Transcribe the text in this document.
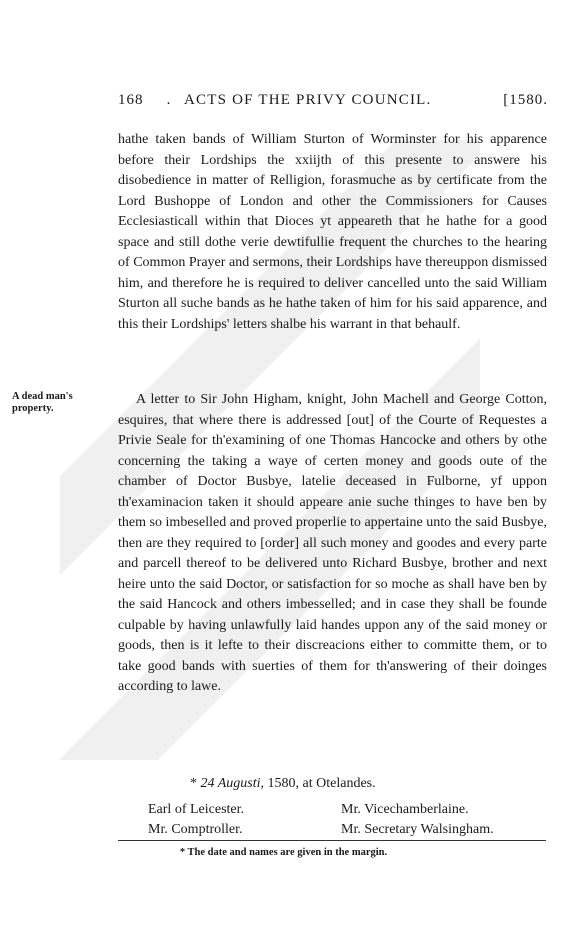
168	. ACTS OF THE PRIVY COUNCIL.	[1580.

hathe taken bands of William Sturton of Worminster for his apparence before their Lordships the xxiijth of this presente to answere his disobedience in matter of Relligion, forasmuche as by certificate from the Lord Bushoppe of London and other the Commissioners for Causes Ecclesiasticall within that Dioces yt appeareth that he hathe for a good space and still dothe verie dewtifullie frequent the churches to the hearing of Common Prayer and sermons, their Lordships have thereuppon dismissed him, and therefore he is required to deliver cancelled unto the said William Sturton all suche bands as he hathe taken of him for his said apparence, and this their Lordships' letters shalbe his warrant in that behaulf.

A dead man's property.

A letter to Sir John Higham, knight, John Machell and George Cotton, esquires, that where there is addressed [out] of the Courte of Requestes a Privie Seale for th'examining of one Thomas Hancocke and others by othe concerning the taking a waye of certen money and goods oute of the chamber of Doctor Busbye, latelie deceased in Fulborne, yf uppon th'examinacion taken it should appeare anie suche thinges to have ben by them so imbeselled and proved properlie to appertaine unto the said Busbye, then are they required to [order] all such money and goodes and every parte and parcell thereof to be delivered unto Richard Busbye, brother and next heire unto the said Doctor, or satisfaction for so moche as shall have ben by the said Hancock and others imbesselled; and in case they shall be founde culpable by having unlawfully laid handes uppon any of the said money or goods, then is it lefte to their discreacions either to committe them, or to take good bands with suerties of them for th'answering of their doinges according to lawe.

* 24 Augusti, 1580, at Otelandes.
Earl of Leicester.	Mr. Vicechamberlaine.
Mr. Comptroller.	Mr. Secretary Walsingham.
* The date and names are given in the margin.
